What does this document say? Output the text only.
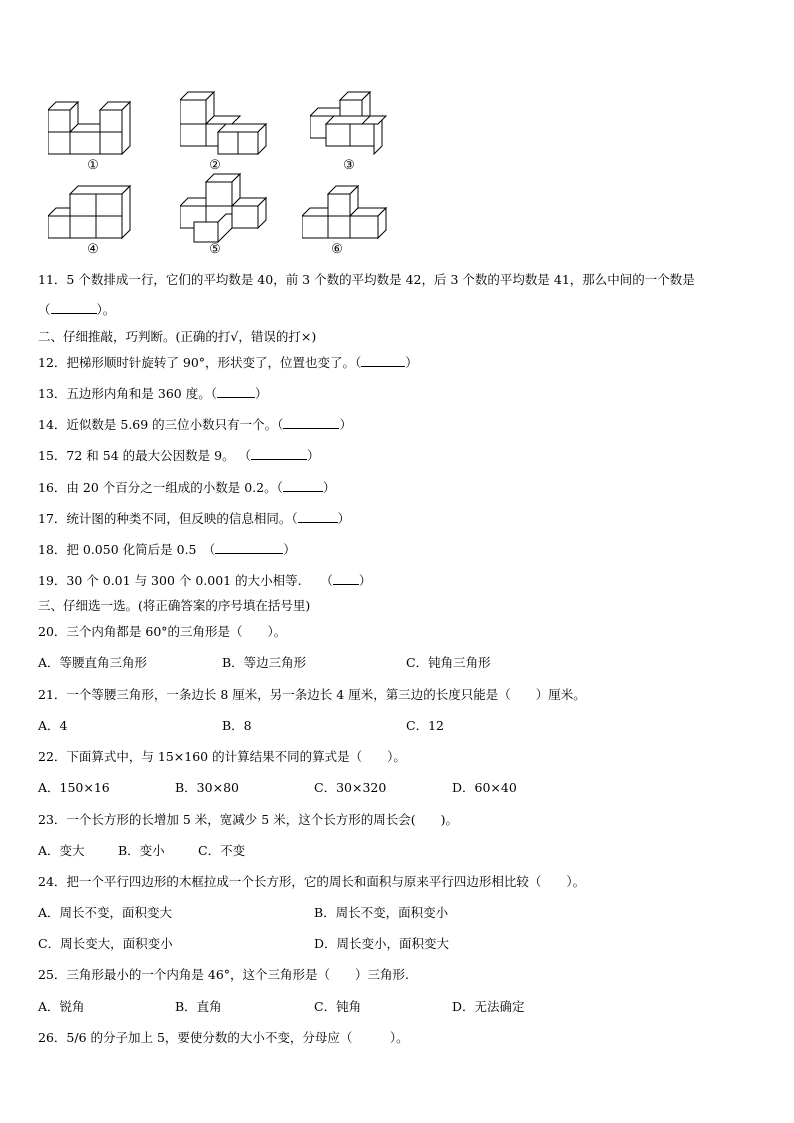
①	②	③
④	⑤	⑥
11．5 个数排成一行，它们的平均数是 40，前 3 个数的平均数是 42，后 3 个数的平均数是 41，那么中间的一个数是
（	）。
二、仔细推敲，巧判断。(正确的打√，错误的打×)
12．把梯形顺时针旋转了 90°，形状变了，位置也变了。（	）
13．五边形内角和是 360 度。（	）
14．近似数是 5.69 的三位小数只有一个。（	）
15．72 和 54 的最大公因数是 9。 （	）
16．由 20 个百分之一组成的小数是 0.2。（	）
17．统计图的种类不同，但反映的信息相同。（	）
18．把 0.050 化简后是 0.5　（	）
19．30 个 0.01 与 300 个 0.001 的大小相等.　　（ ）
三、仔细选一选。(将正确答案的序号填在括号里)
20．三个内角都是 60°的三角形是（　　）。
A．等腰直角三角形	B．等边三角形	C．钝角三角形
21．一个等腰三角形，一条边长 8 厘米，另一条边长 4 厘米，第三边的长度只能是（　　）厘米。
A．4	B．8	C．12
22．下面算式中，与 15×160 的计算结果不同的算式是（　　）。
A．150×16	B．30×80	C．30×320	D．60×40
23．一个长方形的长增加 5 米，宽减少 5 米，这个长方形的周长会(　　)。
A．变大	B．变小	C．不变
24．把一个平行四边形的木框拉成一个长方形，它的周长和面积与原来平行四边形相比较（　　）。
A．周长不变，面积变大	B．周长不变，面积变小
C．周长变大，面积变小	D．周长变小，面积变大
25．三角形最小的一个内角是 46°，这个三角形是（　　）三角形.
A．锐角	B．直角	C．钝角	D．无法确定
26．5/6 的分子加上 5，要使分数的大小不变，分母应（　　　）。
